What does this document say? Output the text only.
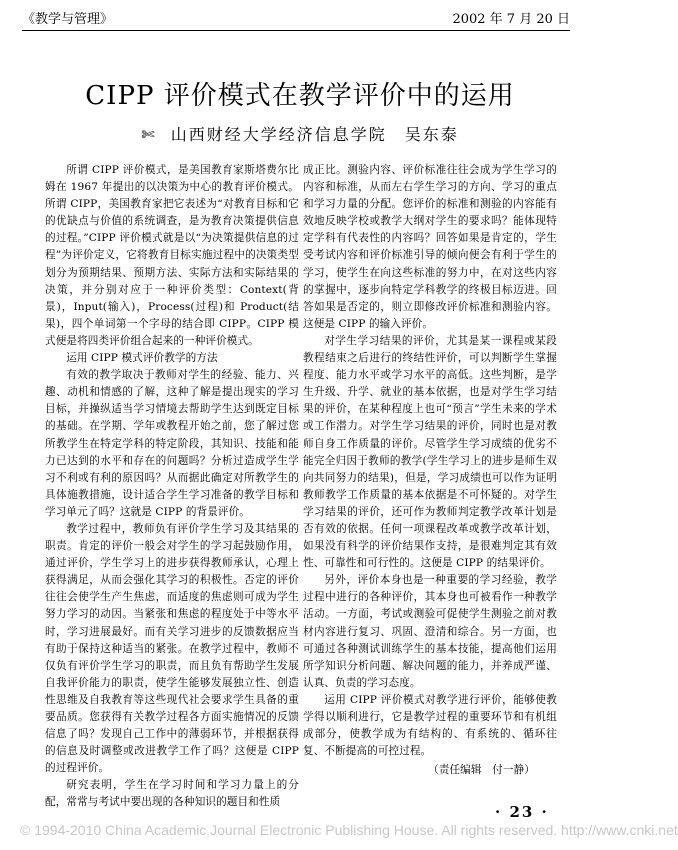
《教学与管理》	2002 年 7 月 20 日
CIPP 评价模式在教学评价中的运用
✄ 山西财经大学经济信息学院 吴东泰

所谓 CIPP 评价模式，是美国教育家斯塔费尔比姆在 1967 年提出的以决策为中心的教育评价模式。所谓 CIPP，美国教育家把它表述为“对教育目标和它的优缺点与价值的系统调查，是为教育决策提供信息的过程。”CIPP 评价模式就是以“为决策提供信息的过程”为评价定义，它将教育目标实施过程中的决策类型划分为预期结果、预期方法、实际方法和实际结果的决策，并分别对应于一种评价类型：Context(背景)，Input(输入)，Process(过程)和 Product(结果)，四个单词第一个字母的结合即 CIPP。CIPP 模式便是将四类评价组合起来的一种评价模式。

运用 CIPP 模式评价教学的方法

有效的教学取决于教师对学生的经验、能力、兴趣、动机和情感的了解，这种了解是提出现实的学习目标，并操纵适当学习情境去帮助学生达到既定目标的基础。在学期、学年或教程开始之前，您了解过您所教学生在特定学科的特定阶段，其知识、技能和能力已达到的水平和存在的问题吗？分析过造成学生学习不利或有利的原因吗？从而据此确定对所教学生的具体施教措施，设计适合学生学习准备的教学目标和学习单元了吗？这就是 CIPP 的背景评价。

教学过程中，教师负有评价学生学习及其结果的职责。肯定的评价一般会对学生的学习起鼓励作用，通过评价，学生学习上的进步获得教师承认，心理上获得满足，从而会强化其学习的积极性。否定的评价往往会使学生产生焦虑，而适度的焦虑则可成为学生努力学习的动因。当紧张和焦虑的程度处于中等水平时，学习进展最好。而有关学习进步的反馈数据应当有助于保持这种适当的紧张。在教学过程中，教师不仅负有评价学生学习的职责，而且负有帮助学生发展自我评价能力的职责，使学生能够发展独立性、创造性思维及自我教育等这些现代社会要求学生具备的重要品质。您获得有关教学过程各方面实施情况的反馈信息了吗？发现自己工作中的薄弱环节，并根据获得的信息及时调整或改进教学工作了吗？这便是 CIPP 的过程评价。

研究表明，学生在学习时间和学习力量上的分配，常常与考试中要出现的各种知识的题目和性质

成正比。测验内容、评价标准往往会成为学生学习的内容和标准，从而左右学生学习的方向、学习的重点和学习力量的分配。您评价的标准和测验的内容能有效地反映学校或教学大纲对学生的要求吗？能体现特定学科有代表性的内容吗？回答如果是肯定的，学生受考试内容和评价标准引导的倾向便会有利于学生的学习，使学生在向这些标准的努力中，在对这些内容的掌握中，逐步向特定学科教学的终极目标迈进。回答如果是否定的，则立即修改评价标准和测验内容。这便是 CIPP 的输入评价。

对学生学习结果的评价，尤其是某一课程或某段教程结束之后进行的终结性评价，可以判断学生掌握程度、能力水平或学习水平的高低。这些判断，是学生升级、升学、就业的基本依据，也是对学生学习结果的评价，在某种程度上也可“预言”学生未来的学术或工作潜力。对学生学习结果的评价，同时也是对教师自身工作质量的评价。尽管学生学习成绩的优劣不能完全归因于教师的教学(学生学习上的进步是师生双向共同努力的结果)，但是，学习成绩也可以作为证明教师教学工作质量的基本依据是不可怀疑的。对学生学习结果的评价，还可作为教师判定教学改革计划是否有效的依据。任何一项课程改革或教学改革计划，如果没有科学的评价结果作支持，是很难判定其有效性、可靠性和可行性的。这便是 CIPP 的结果评价。

另外，评价本身也是一种重要的学习经验，教学过程中进行的各种评价，其本身也可被看作一种教学活动。一方面，考试或测验可促使学生测验之前对教材内容进行复习、巩固、澄清和综合。另一方面，也可通过各种测试训练学生的基本技能，提高他们运用所学知识分析问题、解决问题的能力，并养成严谨、认真、负责的学习态度。

运用 CIPP 评价模式对教学进行评价，能够使教学得以顺利进行，它是教学过程的重要环节和有机组成部分，使教学成为有结构的、有系统的、循环往复、不断提高的可控过程。

（责任编辑　付一静）
· 23 ·
© 1994-2010 China Academic Journal Electronic Publishing House. All rights reserved. http://www.cnki.net
